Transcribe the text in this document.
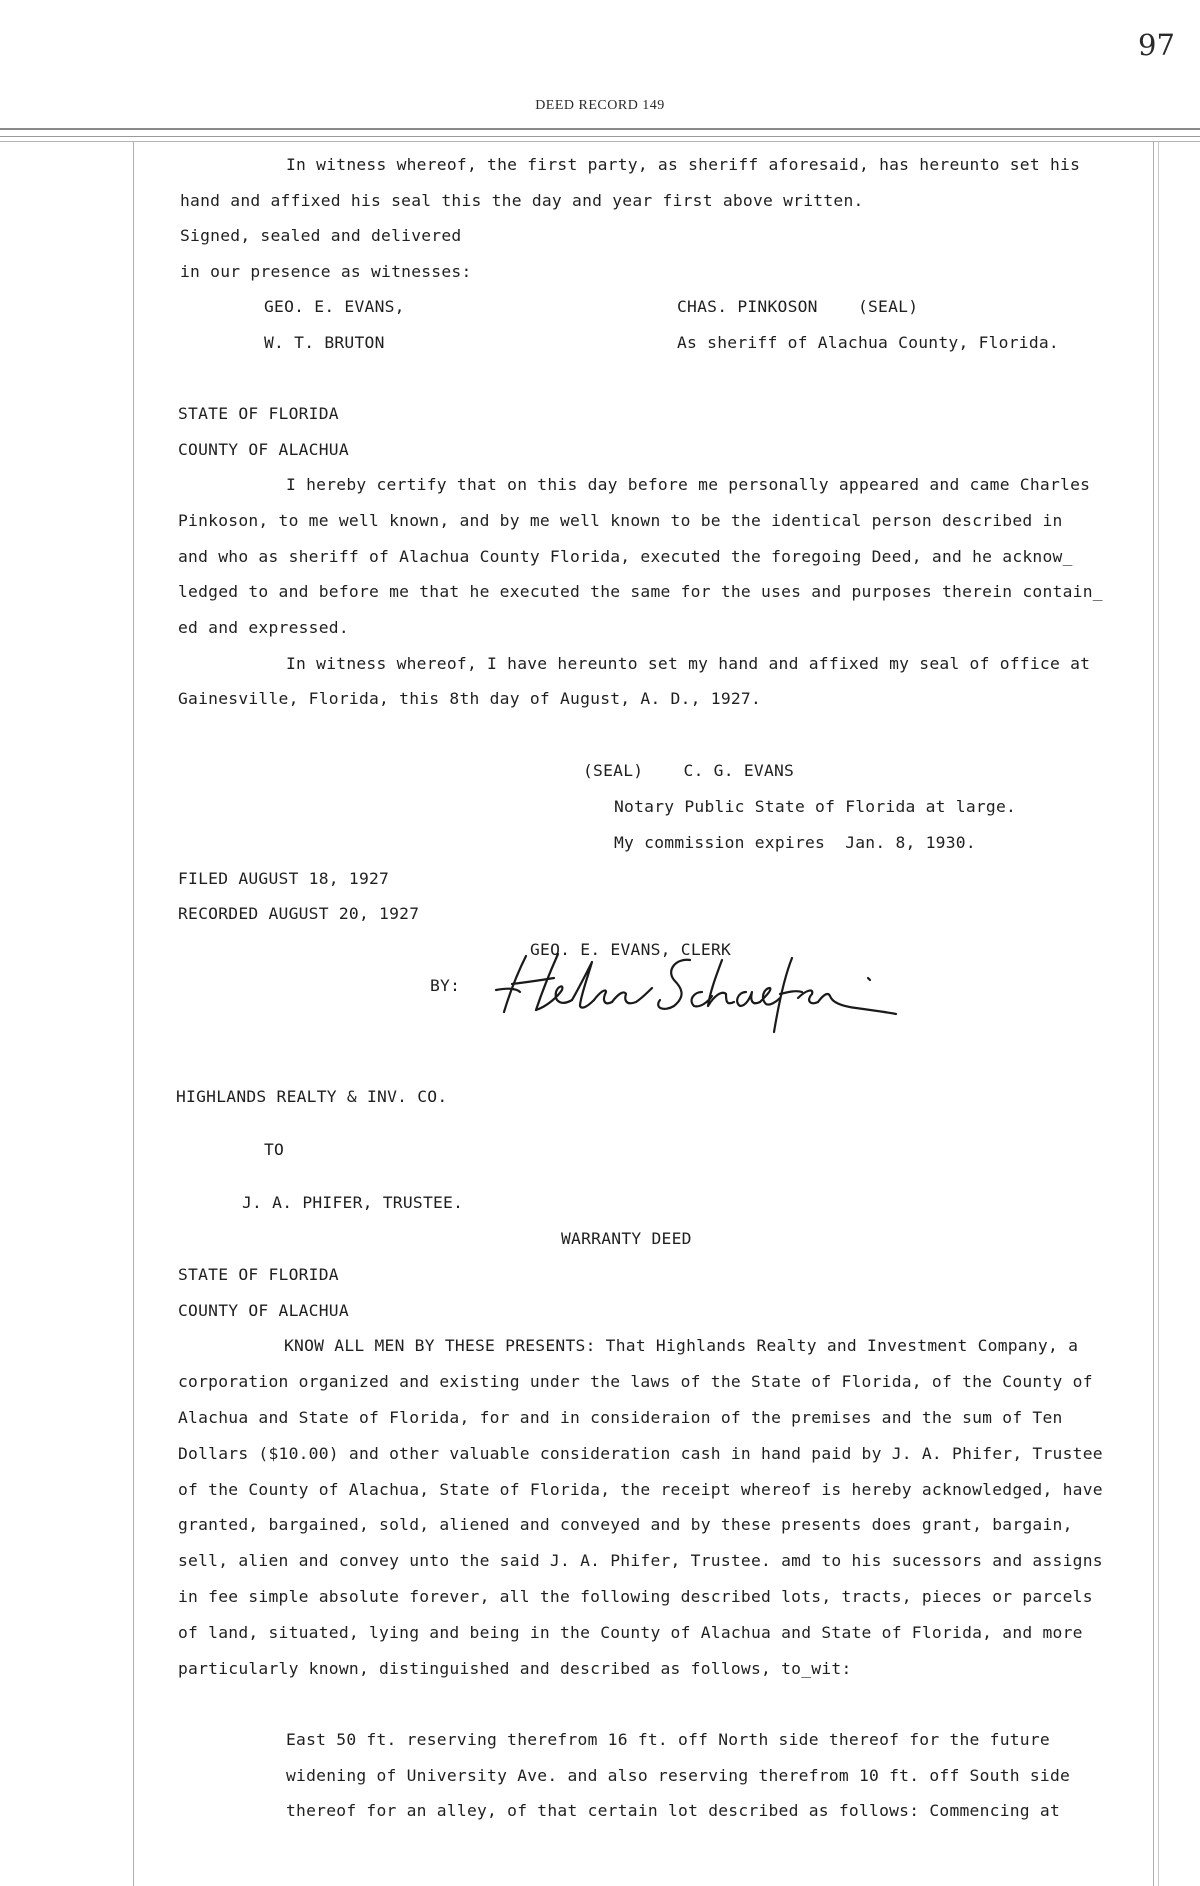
97
DEED RECORD 149
In witness whereof, the first party, as sheriff aforesaid, has hereunto set his
hand and affixed his seal this the day and year first above written.
Signed, sealed and delivered
in our presence as witnesses:
GEO. E. EVANS,	CHAS. PINKOSON    (SEAL)
W. T. BRUTON	As sheriff of Alachua County, Florida.
STATE OF FLORIDA
COUNTY OF ALACHUA
I hereby certify that on this day before me personally appeared and came Charles
Pinkoson, to me well known, and by me well known to be the identical person described in
and who as sheriff of Alachua County Florida, executed the foregoing Deed, and he acknow_
ledged to and before me that he executed the same for the uses and purposes therein contain_
ed and expressed.
In witness whereof, I have hereunto set my hand and affixed my seal of office at
Gainesville, Florida, this 8th day of August, A. D., 1927.
(SEAL)    C. G. EVANS
Notary Public State of Florida at large.
My commission expires  Jan. 8, 1930.
FILED AUGUST 18, 1927
RECORDED AUGUST 20, 1927
GEO. E. EVANS, CLERK
BY:
HIGHLANDS REALTY & INV. CO.
TO
J. A. PHIFER, TRUSTEE.
WARRANTY DEED
STATE OF FLORIDA
COUNTY OF ALACHUA
KNOW ALL MEN BY THESE PRESENTS: That Highlands Realty and Investment Company, a
corporation organized and existing under the laws of the State of Florida, of the County of
Alachua and State of Florida, for and in consideraion of the premises and the sum of Ten
Dollars ($10.00) and other valuable consideration cash in hand paid by J. A. Phifer, Trustee
of the County of Alachua, State of Florida, the receipt whereof is hereby acknowledged, have
granted, bargained, sold, aliened and conveyed and by these presents does grant, bargain,
sell, alien and convey unto the said J. A. Phifer, Trustee. amd to his sucessors and assigns
in fee simple absolute forever, all the following described lots, tracts, pieces or parcels
of land, situated, lying and being in the County of Alachua and State of Florida, and more
particularly known, distinguished and described as follows, to_wit:
East 50 ft. reserving therefrom 16 ft. off North side thereof for the future
widening of University Ave. and also reserving therefrom 10 ft. off South side
thereof for an alley, of that certain lot described as follows: Commencing at
